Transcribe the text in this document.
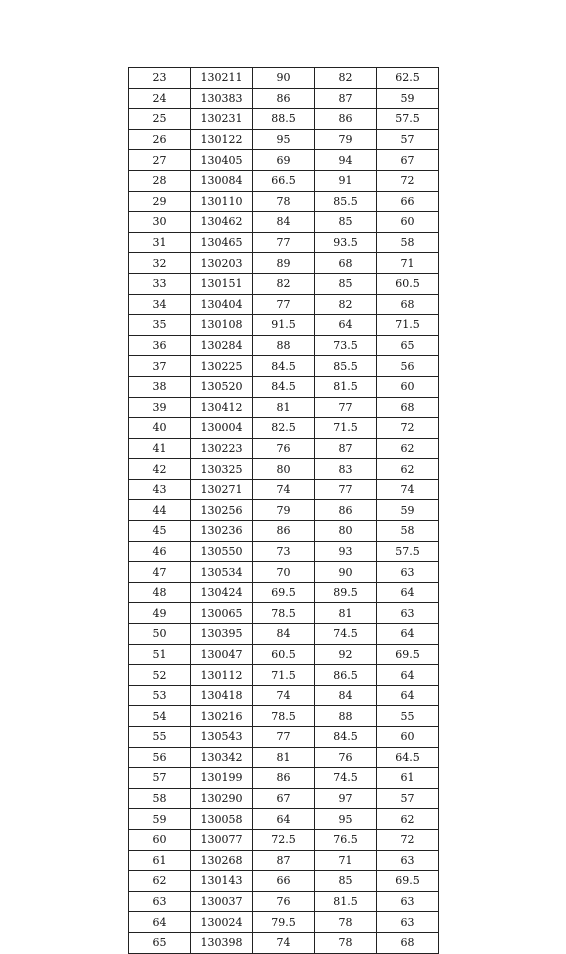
23	130211	90	82	62.5
24	130383	86	87	59
25	130231	88.5	86	57.5
26	130122	95	79	57
27	130405	69	94	67
28	130084	66.5	91	72
29	130110	78	85.5	66
30	130462	84	85	60
31	130465	77	93.5	58
32	130203	89	68	71
33	130151	82	85	60.5
34	130404	77	82	68
35	130108	91.5	64	71.5
36	130284	88	73.5	65
37	130225	84.5	85.5	56
38	130520	84.5	81.5	60
39	130412	81	77	68
40	130004	82.5	71.5	72
41	130223	76	87	62
42	130325	80	83	62
43	130271	74	77	74
44	130256	79	86	59
45	130236	86	80	58
46	130550	73	93	57.5
47	130534	70	90	63
48	130424	69.5	89.5	64
49	130065	78.5	81	63
50	130395	84	74.5	64
51	130047	60.5	92	69.5
52	130112	71.5	86.5	64
53	130418	74	84	64
54	130216	78.5	88	55
55	130543	77	84.5	60
56	130342	81	76	64.5
57	130199	86	74.5	61
58	130290	67	97	57
59	130058	64	95	62
60	130077	72.5	76.5	72
61	130268	87	71	63
62	130143	66	85	69.5
63	130037	76	81.5	63
64	130024	79.5	78	63
65	130398	74	78	68
